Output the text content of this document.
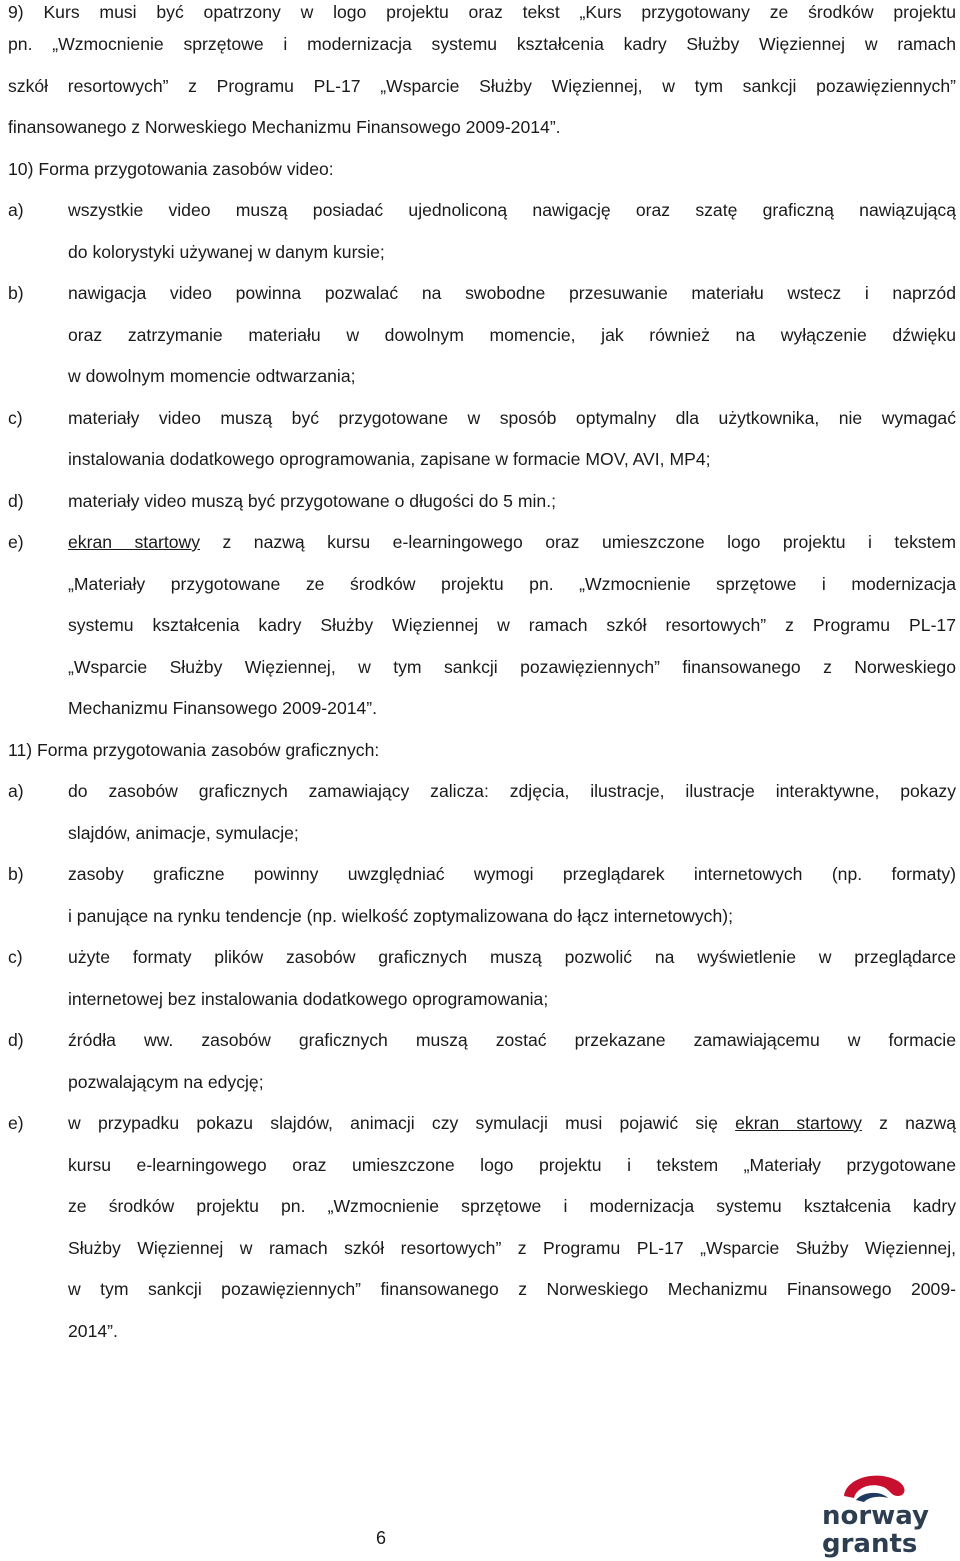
9) Kurs musi być opatrzony w logo projektu oraz tekst „Kurs przygotowany ze środków projektu
pn. „Wzmocnienie sprzętowe i modernizacja systemu kształcenia kadry Służby Więziennej w ramach
szkół resortowych” z Programu PL-17 „Wsparcie Służby Więziennej, w tym sankcji pozawięziennych”
finansowanego z Norweskiego Mechanizmu Finansowego 2009-2014”.
10) Forma przygotowania zasobów video:
a)	wszystkie video muszą posiadać ujednoliconą nawigację oraz szatę graficzną nawiązującą
do kolorystyki używanej w danym kursie;
b)	nawigacja video powinna pozwalać na swobodne przesuwanie materiału wstecz i naprzód
oraz zatrzymanie materiału w dowolnym momencie, jak również na wyłączenie dźwięku
w dowolnym momencie odtwarzania;
c)	materiały video muszą być przygotowane w sposób optymalny dla użytkownika, nie wymagać
instalowania dodatkowego oprogramowania, zapisane w formacie MOV, AVI, MP4;
d)	materiały video muszą być przygotowane o długości do 5 min.;
e)	ekran startowy z nazwą kursu e-learningowego oraz umieszczone logo projektu i tekstem
„Materiały przygotowane ze środków projektu pn. „Wzmocnienie sprzętowe i modernizacja
systemu kształcenia kadry Służby Więziennej w ramach szkół resortowych” z Programu PL-17
„Wsparcie Służby Więziennej, w tym sankcji pozawięziennych” finansowanego z Norweskiego
Mechanizmu Finansowego 2009-2014”.
11) Forma przygotowania zasobów graficznych:
a)	do zasobów graficznych zamawiający zalicza: zdjęcia, ilustracje, ilustracje interaktywne, pokazy
slajdów, animacje, symulacje;
b)	zasoby graficzne powinny uwzględniać wymogi przeglądarek internetowych (np. formaty)
i panujące na rynku tendencje (np. wielkość zoptymalizowana do łącz internetowych);
c)	użyte formaty plików zasobów graficznych muszą pozwolić na wyświetlenie w przeglądarce
internetowej bez instalowania dodatkowego oprogramowania;
d)	źródła ww. zasobów graficznych muszą zostać przekazane zamawiającemu w formacie
pozwalającym na edycję;
e)	w przypadku pokazu slajdów, animacji czy symulacji musi pojawić się ekran startowy z nazwą
kursu e-learningowego oraz umieszczone logo projektu i tekstem „Materiały przygotowane
ze środków projektu pn. „Wzmocnienie sprzętowe i modernizacja systemu kształcenia kadry
Służby Więziennej w ramach szkół resortowych” z Programu PL-17 „Wsparcie Służby Więziennej,
w tym sankcji pozawięziennych” finansowanego z Norweskiego Mechanizmu Finansowego 2009-
2014”.
6
norway
grants
